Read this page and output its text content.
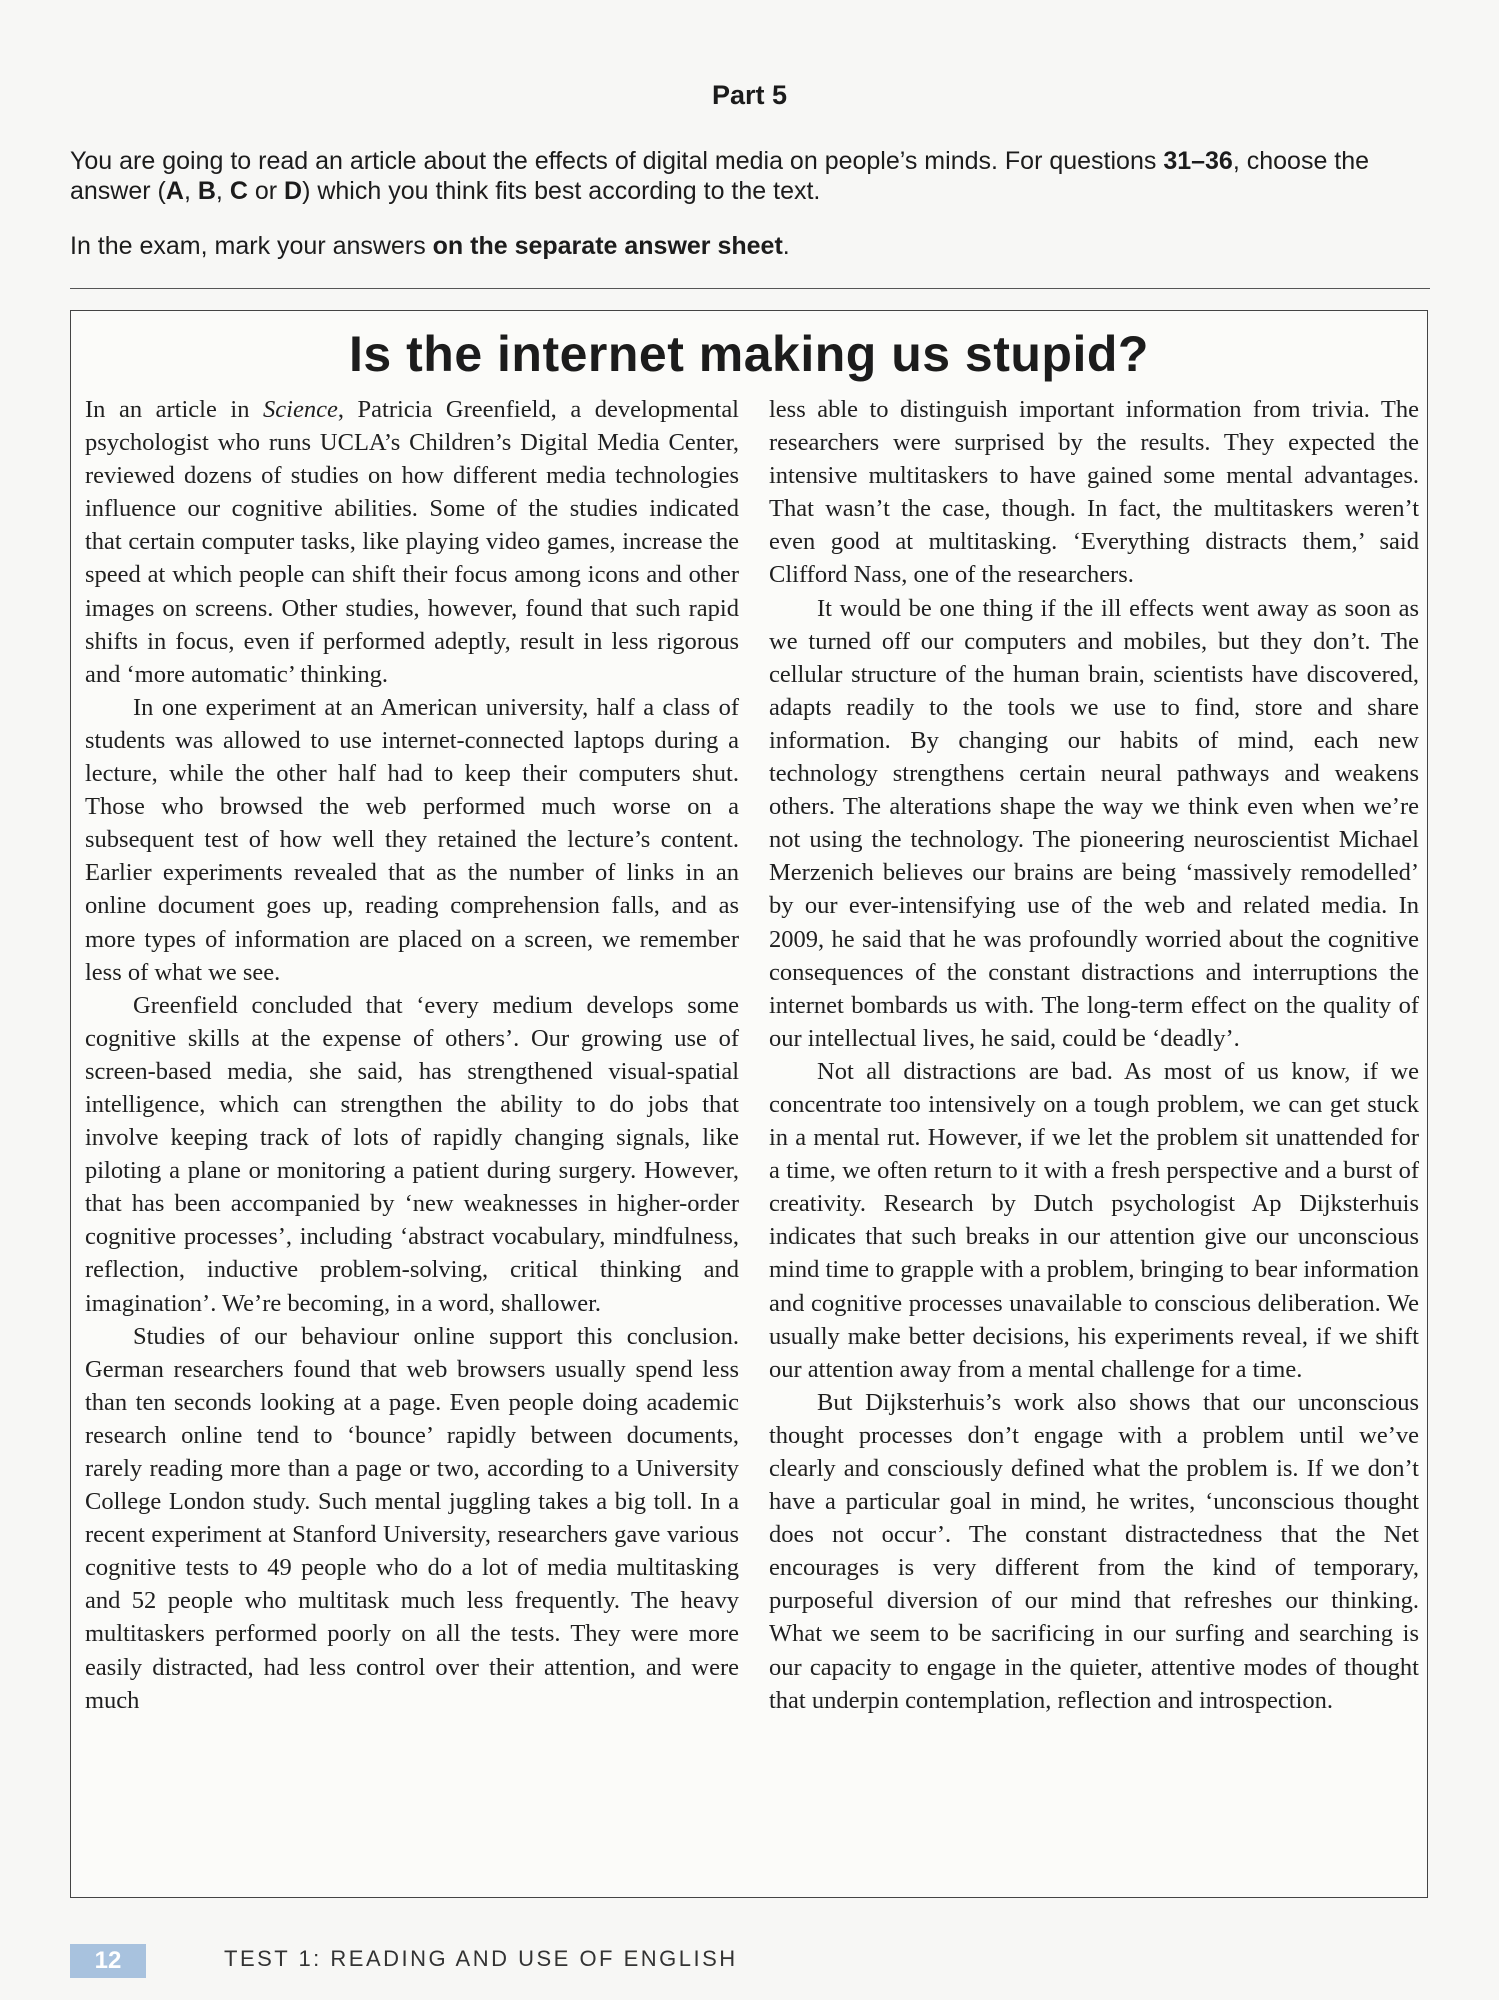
Part 5
You are going to read an article about the effects of digital media on people’s minds. For questions 31–36, choose the answer (A, B, C or D) which you think fits best according to the text.
In the exam, mark your answers on the separate answer sheet.
Is the internet making us stupid?

In an article in Science, Patricia Greenfield, a developmental psychologist who runs UCLA’s Children’s Digital Media Center, reviewed dozens of studies on how different media technologies influence our cognitive abilities. Some of the studies indicated that certain computer tasks, like playing video games, increase the speed at which people can shift their focus among icons and other images on screens. Other studies, however, found that such rapid shifts in focus, even if performed adeptly, result in less rigorous and ‘more automatic’ thinking.

In one experiment at an American university, half a class of students was allowed to use internet-connected laptops during a lecture, while the other half had to keep their computers shut. Those who browsed the web performed much worse on a subsequent test of how well they retained the lecture’s content. Earlier experiments revealed that as the number of links in an online document goes up, reading comprehension falls, and as more types of information are placed on a screen, we remember less of what we see.

Greenfield concluded that ‘every medium develops some cognitive skills at the expense of others’. Our growing use of screen-based media, she said, has strengthened visual-spatial intelligence, which can strengthen the ability to do jobs that involve keeping track of lots of rapidly changing signals, like piloting a plane or monitoring a patient during surgery. However, that has been accompanied by ‘new weaknesses in higher-order cognitive processes’, including ‘abstract vocabulary, mindfulness, reflection, inductive problem-solving, critical thinking and imagination’. We’re becoming, in a word, shallower.

Studies of our behaviour online support this conclusion. German researchers found that web browsers usually spend less than ten seconds looking at a page. Even people doing academic research online tend to ‘bounce’ rapidly between documents, rarely reading more than a page or two, according to a University College London study. Such mental juggling takes a big toll. In a recent experiment at Stanford University, researchers gave various cognitive tests to 49 people who do a lot of media multitasking and 52 people who multitask much less frequently. The heavy multitaskers performed poorly on all the tests. They were more easily distracted, had less control over their attention, and were much

less able to distinguish important information from trivia. The researchers were surprised by the results. They expected the intensive multitaskers to have gained some mental advantages. That wasn’t the case, though. In fact, the multitaskers weren’t even good at multitasking. ‘Everything distracts them,’ said Clifford Nass, one of the researchers.

It would be one thing if the ill effects went away as soon as we turned off our computers and mobiles, but they don’t. The cellular structure of the human brain, scientists have discovered, adapts readily to the tools we use to find, store and share information. By changing our habits of mind, each new technology strengthens certain neural pathways and weakens others. The alterations shape the way we think even when we’re not using the technology. The pioneering neuroscientist Michael Merzenich believes our brains are being ‘massively remodelled’ by our ever-intensifying use of the web and related media. In 2009, he said that he was profoundly worried about the cognitive consequences of the constant distractions and interruptions the internet bombards us with. The long-term effect on the quality of our intellectual lives, he said, could be ‘deadly’.

Not all distractions are bad. As most of us know, if we concentrate too intensively on a tough problem, we can get stuck in a mental rut. However, if we let the problem sit unattended for a time, we often return to it with a fresh perspective and a burst of creativity. Research by Dutch psychologist Ap Dijksterhuis indicates that such breaks in our attention give our unconscious mind time to grapple with a problem, bringing to bear information and cognitive processes unavailable to conscious deliberation. We usually make better decisions, his experiments reveal, if we shift our attention away from a mental challenge for a time.

But Dijksterhuis’s work also shows that our unconscious thought processes don’t engage with a problem until we’ve clearly and consciously defined what the problem is. If we don’t have a particular goal in mind, he writes, ‘unconscious thought does not occur’. The constant distractedness that the Net encourages is very different from the kind of temporary, purposeful diversion of our mind that refreshes our thinking. What we seem to be sacrificing in our surfing and searching is our capacity to engage in the quieter, attentive modes of thought that underpin contemplation, reflection and introspection.

12	TEST 1: READING AND USE OF ENGLISH
